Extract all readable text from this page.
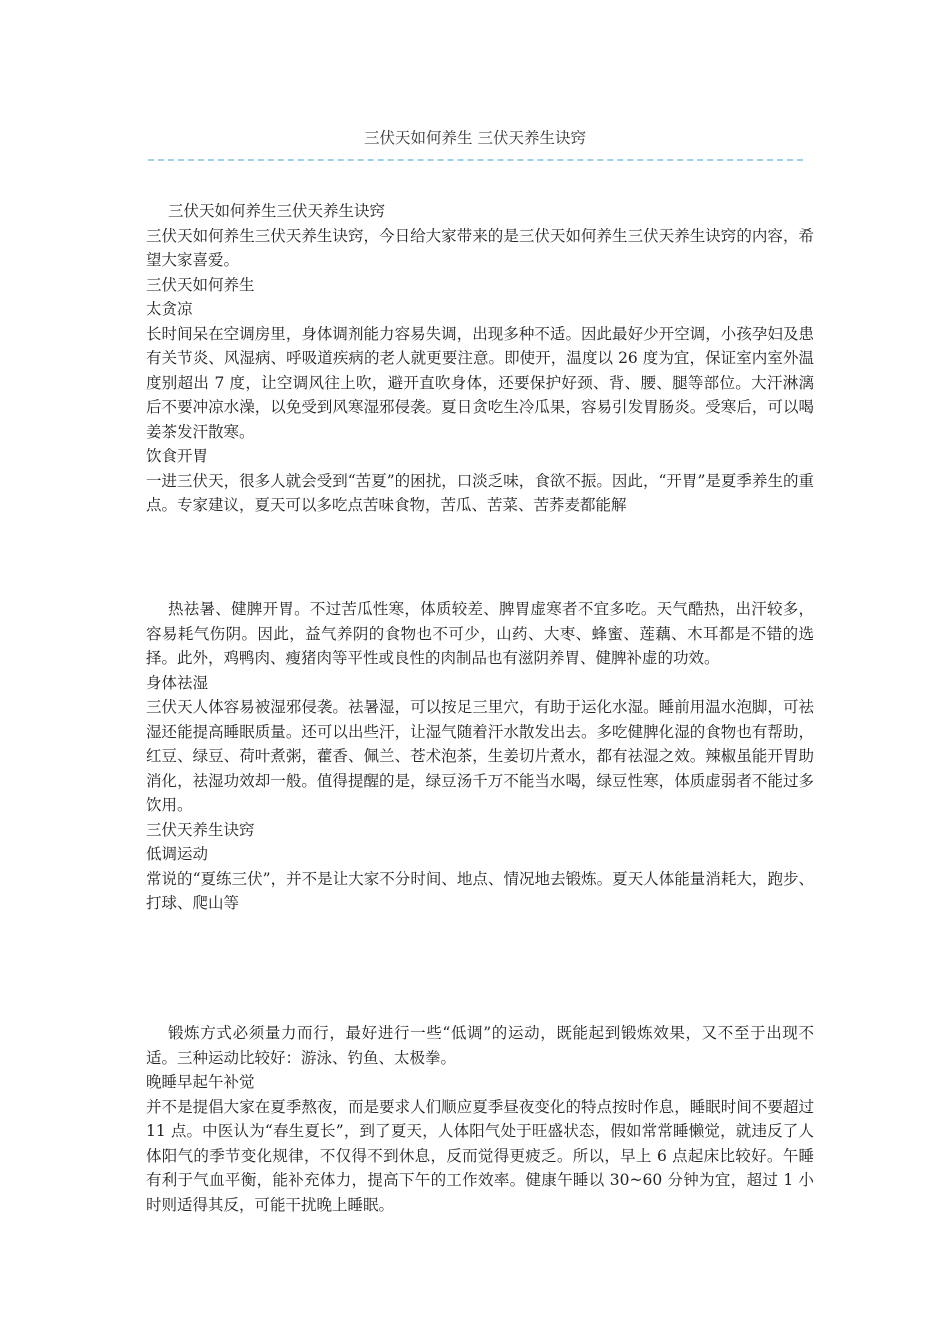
三伏天如何养生 三伏天养生诀窍

三伏天如何养生三伏天养生诀窍

三伏天如何养生三伏天养生诀窍，今日给大家带来的是三伏天如何养生三伏天养生诀窍的内容，希望大家喜爱。

三伏天如何养生

太贪凉

长时间呆在空调房里，身体调剂能力容易失调，出现多种不适。因此最好少开空调，小孩孕妇及患有关节炎、风湿病、呼吸道疾病的老人就更要注意。即使开，温度以 26 度为宜，保证室内室外温度别超出 7 度，让空调风往上吹，避开直吹身体，还要保护好颈、背、腰、腿等部位。大汗淋漓后不要冲凉水澡，以免受到风寒湿邪侵袭。夏日贪吃生冷瓜果，容易引发胃肠炎。受寒后，可以喝姜茶发汗散寒。

饮食开胃

一进三伏天，很多人就会受到“苦夏”的困扰，口淡乏味，食欲不振。因此，“开胃”是夏季养生的重点。专家建议，夏天可以多吃点苦味食物，苦瓜、苦菜、苦荞麦都能解

热祛暑、健脾开胃。不过苦瓜性寒，体质较差、脾胃虚寒者不宜多吃。天气酷热，出汗较多，容易耗气伤阴。因此，益气养阴的食物也不可少，山药、大枣、蜂蜜、莲藕、木耳都是不错的选择。此外，鸡鸭肉、瘦猪肉等平性或良性的肉制品也有滋阴养胃、健脾补虚的功效。

身体祛湿

三伏天人体容易被湿邪侵袭。祛暑湿，可以按足三里穴，有助于运化水湿。睡前用温水泡脚，可祛湿还能提高睡眠质量。还可以出些汗，让湿气随着汗水散发出去。多吃健脾化湿的食物也有帮助，红豆、绿豆、荷叶煮粥，藿香、佩兰、苍术泡茶，生姜切片煮水，都有祛湿之效。辣椒虽能开胃助消化，祛湿功效却一般。值得提醒的是，绿豆汤千万不能当水喝，绿豆性寒，体质虚弱者不能过多饮用。

三伏天养生诀窍

低调运动

常说的“夏练三伏”，并不是让大家不分时间、地点、情况地去锻炼。夏天人体能量消耗大，跑步、打球、爬山等

锻炼方式必须量力而行，最好进行一些“低调”的运动，既能起到锻炼效果，又不至于出现不适。三种运动比较好：游泳、钓鱼、太极拳。

晚睡早起午补觉

并不是提倡大家在夏季熬夜，而是要求人们顺应夏季昼夜变化的特点按时作息，睡眠时间不要超过 11 点。中医认为“春生夏长”，到了夏天，人体阳气处于旺盛状态，假如常常睡懒觉，就违反了人体阳气的季节变化规律，不仅得不到休息，反而觉得更疲乏。所以，早上 6 点起床比较好。午睡有利于气血平衡，能补充体力，提高下午的工作效率。健康午睡以 30~60 分钟为宜，超过 1 小时则适得其反，可能干扰晚上睡眠。
